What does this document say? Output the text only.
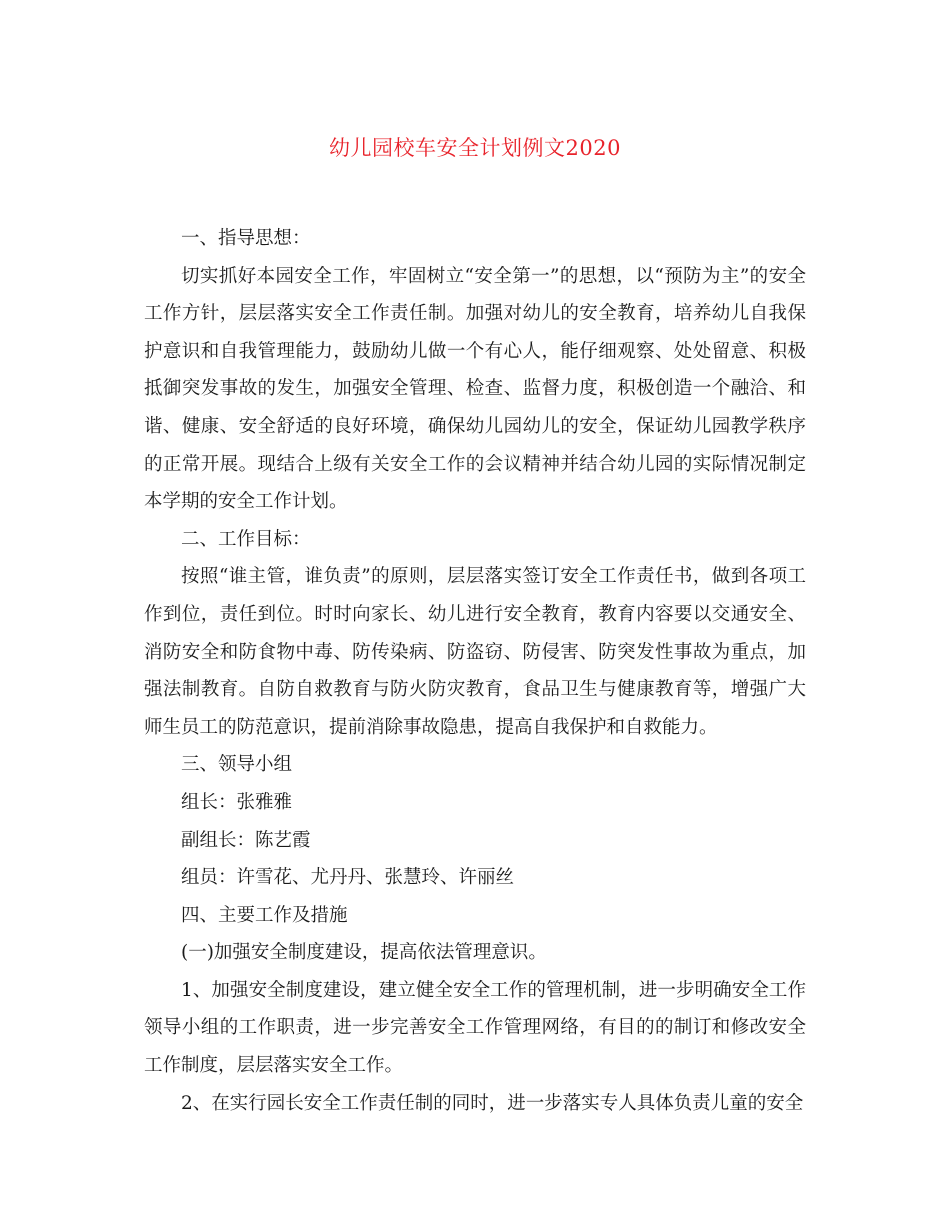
幼儿园校车安全计划例文2020

一、指导思想：

切实抓好本园安全工作，牢固树立“安全第一”的思想，以“预防为主”的安全工作方针，层层落实安全工作责任制。加强对幼儿的安全教育，培养幼儿自我保护意识和自我管理能力，鼓励幼儿做一个有心人，能仔细观察、处处留意、积极抵御突发事故的发生，加强安全管理、检查、监督力度，积极创造一个融洽、和谐、健康、安全舒适的良好环境，确保幼儿园幼儿的安全，保证幼儿园教学秩序的正常开展。现结合上级有关安全工作的会议精神并结合幼儿园的实际情况制定本学期的安全工作计划。

二、工作目标：

按照“谁主管，谁负责”的原则，层层落实签订安全工作责任书，做到各项工作到位，责任到位。时时向家长、幼儿进行安全教育，教育内容要以交通安全、消防安全和防食物中毒、防传染病、防盗窃、防侵害、防突发性事故为重点，加强法制教育。自防自救教育与防火防灾教育，食品卫生与健康教育等，增强广大师生员工的防范意识，提前消除事故隐患，提高自我保护和自救能力。

三、领导小组

组长：张雅雅

副组长：陈艺霞

组员：许雪花、尤丹丹、张慧玲、许丽丝

四、主要工作及措施

(一)加强安全制度建设，提高依法管理意识。

1、加强安全制度建设，建立健全安全工作的管理机制，进一步明确安全工作领导小组的工作职责，进一步完善安全工作管理网络，有目的的制订和修改安全工作制度，层层落实安全工作。

2、在实行园长安全工作责任制的同时，进一步落实专人具体负责儿童的安全
